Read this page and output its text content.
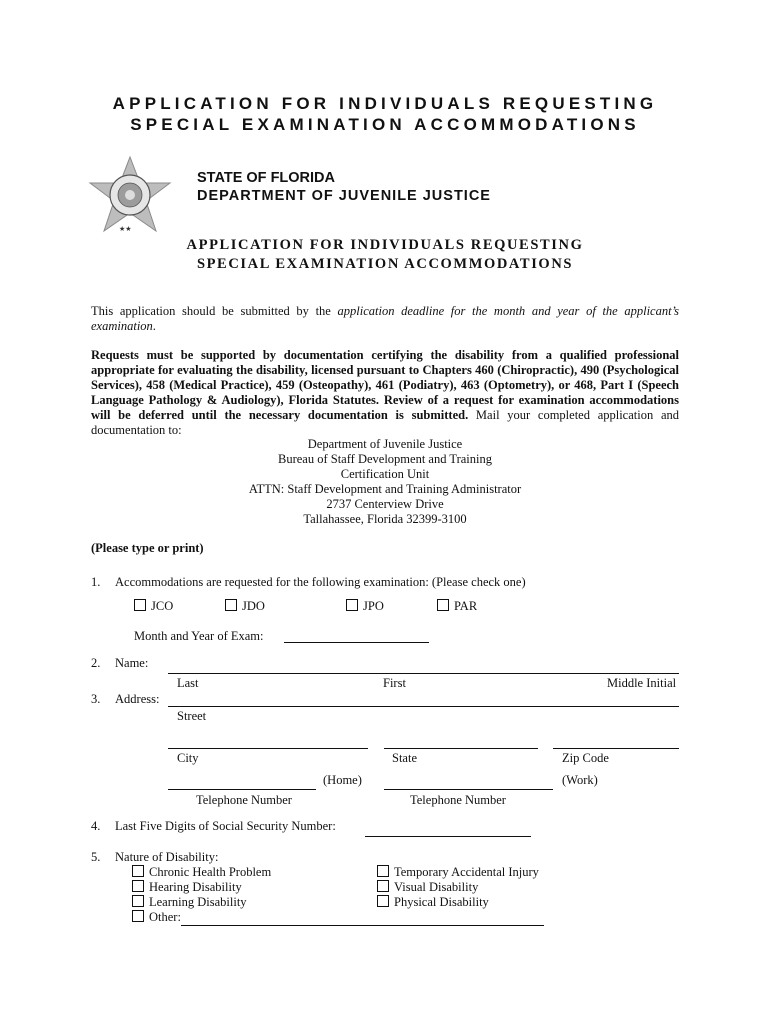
APPLICATION FOR INDIVIDUALS REQUESTING
SPECIAL EXAMINATION ACCOMMODATIONS
★★
STATE OF FLORIDA
DEPARTMENT OF JUVENILE JUSTICE
APPLICATION FOR INDIVIDUALS REQUESTING
SPECIAL EXAMINATION ACCOMMODATIONS
This application should be submitted by the application deadline for the month and year of the applicant’s examination.
Requests must be supported by documentation certifying the disability from a qualified professional appropriate for evaluating the disability, licensed pursuant to Chapters 460 (Chiropractic), 490 (Psychological Services), 458 (Medical Practice), 459 (Osteopathy), 461 (Podiatry), 463 (Optometry), or 468, Part I (Speech Language Pathology & Audiology), Florida Statutes. Review of a request for examination accommodations will be deferred until the necessary documentation is submitted. Mail your completed application and documentation to:
Department of Juvenile Justice
Bureau of Staff Development and Training
Certification Unit
ATTN: Staff Development and Training Administrator
2737 Centerview Drive
Tallahassee, Florida 32399-3100
(Please type or print)
1. Accommodations are requested for the following examination: (Please check one)
JCO	JDO	JPO	PAR
Month and Year of Exam:
2. Name:
Last	First	Middle Initial
3. Address:
Street
City	State	Zip Code
(Home)	(Work)
Telephone Number	Telephone Number
4. Last Five Digits of Social Security Number:
5. Nature of Disability:
Chronic Health Problem
Hearing Disability
Learning Disability
Other:
Temporary Accidental Injury
Visual Disability
Physical Disability
